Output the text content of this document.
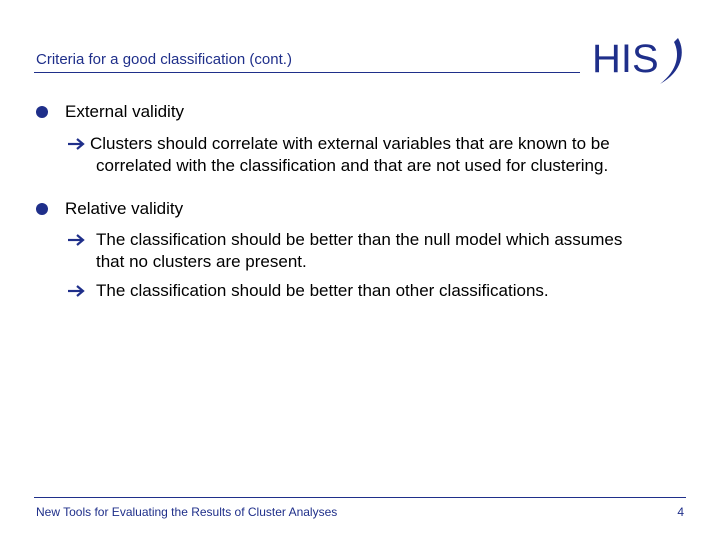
Criteria for a good classification (cont.)	HIS
External validity
Clusters should correlate with external variables that are known to be
correlated with the classification and that are not used for clustering.
Relative validity
The classification should be better than the null model which assumes
that no clusters are present.
The classification should be better than other classifications.
New Tools for Evaluating the Results of Cluster Analyses	4
